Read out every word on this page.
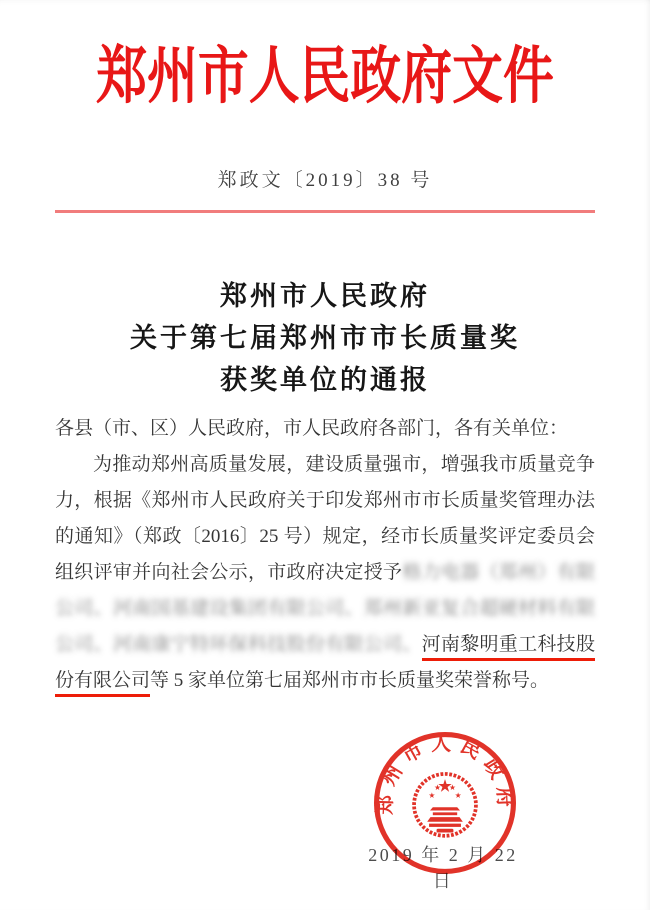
郑州市人民政府文件
郑政文〔2019〕38 号
郑州市人民政府
关于第七届郑州市市长质量奖
获奖单位的通报
各县（市、区）人民政府，市人民政府各部门，各有关单位：
为推动郑州高质量发展，建设质量强市，增强我市质量竞争
力，根据《郑州市人民政府关于印发郑州市市长质量奖管理办法
的通知》（郑政〔2016〕25 号）规定，经市长质量奖评定委员会
组织评审并向社会公示，市政府决定授予格力电器（郑州）有限
公司、河南国基建设集团有限公司、郑州新亚复合超硬材料有限
公司、河南康宁特环保科技股份有限公司、河南黎明重工科技股
份有限公司等 5 家单位第七届郑州市市长质量奖荣誉称号。
2019 年 2 月 22 日
郑州市人民政府
